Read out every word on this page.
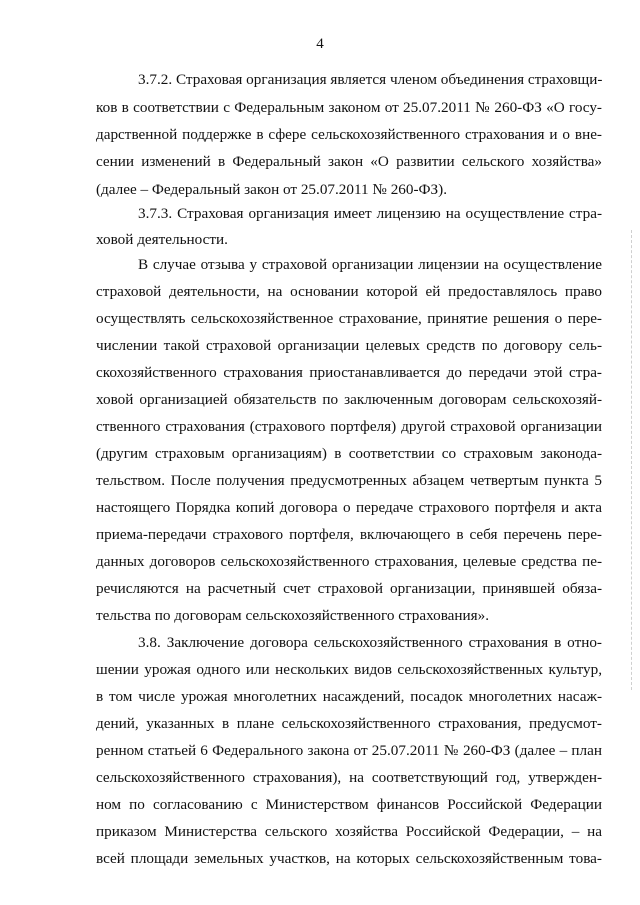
4
3.7.2. Страховая организация является членом объединения страховщи-
ков в соответствии с Федеральным законом от 25.07.2011 № 260-ФЗ «О госу-
дарственной поддержке в сфере сельскохозяйственного страхования и о вне-
сении изменений в Федеральный закон «О развитии сельского хозяйства»
(далее – Федеральный закон от 25.07.2011 № 260-ФЗ).
3.7.3. Страховая организация имеет лицензию на осуществление стра-
ховой деятельности.
В случае отзыва у страховой организации лицензии на осуществление
страховой деятельности, на основании которой ей предоставлялось право
осуществлять сельскохозяйственное страхование, принятие решения о пере-
числении такой страховой организации целевых средств по договору сель-
скохозяйственного страхования приостанавливается до передачи этой стра-
ховой организацией обязательств по заключенным договорам сельскохозяй-
ственного страхования (страхового портфеля) другой страховой организации
(другим страховым организациям) в соответствии со страховым законода-
тельством. После получения предусмотренных абзацем четвертым пункта 5
настоящего Порядка копий договора о передаче страхового портфеля и акта
приема-передачи страхового портфеля, включающего в себя перечень пере-
данных договоров сельскохозяйственного страхования, целевые средства пе-
речисляются на расчетный счет страховой организации, принявшей обяза-
тельства по договорам сельскохозяйственного страхования».
3.8. Заключение договора сельскохозяйственного страхования в отно-
шении урожая одного или нескольких видов сельскохозяйственных культур,
в том числе урожая многолетних насаждений, посадок многолетних насаж-
дений, указанных в плане сельскохозяйственного страхования, предусмот-
ренном статьей 6 Федерального закона от 25.07.2011 № 260-ФЗ (далее – план
сельскохозяйственного страхования), на соответствующий год, утвержден-
ном по согласованию с Министерством финансов Российской Федерации
приказом Министерства сельского хозяйства Российской Федерации, – на
всей площади земельных участков, на которых сельскохозяйственным това-
